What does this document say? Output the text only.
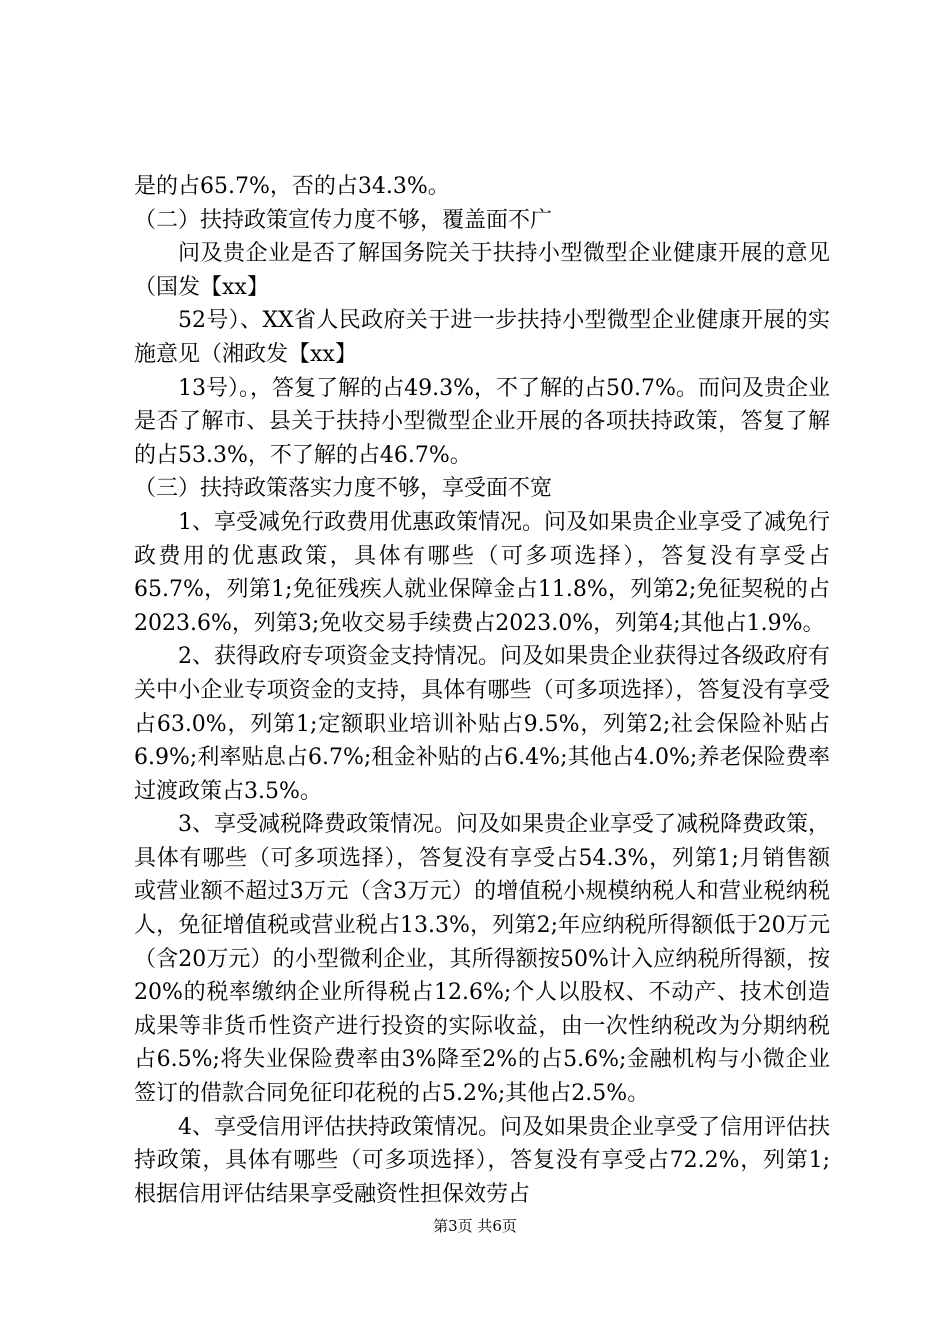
是的占65.7%，否的占34.3%。

（二）扶持政策宣传力度不够，覆盖面不广

问及贵企业是否了解国务院关于扶持小型微型企业健康开展的意见（国发【xx】

52号）、XX省人民政府关于进一步扶持小型微型企业健康开展的实施意见（湘政发【xx】

13号）。，答复了解的占49.3%，不了解的占50.7%。而问及贵企业是否了解市、县关于扶持小型微型企业开展的各项扶持政策，答复了解的占53.3%，不了解的占46.7%。

（三）扶持政策落实力度不够，享受面不宽

1、享受减免行政费用优惠政策情况。问及如果贵企业享受了减免行政费用的优惠政策，具体有哪些（可多项选择），答复没有享受占65.7%，列第1;免征残疾人就业保障金占11.8%，列第2;免征契税的占2023.6%，列第3;免收交易手续费占2023.0%，列第4;其他占1.9%。

2、获得政府专项资金支持情况。问及如果贵企业获得过各级政府有关中小企业专项资金的支持，具体有哪些（可多项选择），答复没有享受占63.0%，列第1;定额职业培训补贴占9.5%，列第2;社会保险补贴占6.9%;利率贴息占6.7%;租金补贴的占6.4%;其他占4.0%;养老保险费率过渡政策占3.5%。

3、享受减税降费政策情况。问及如果贵企业享受了减税降费政策，具体有哪些（可多项选择），答复没有享受占54.3%，列第1;月销售额或营业额不超过3万元（含3万元）的增值税小规模纳税人和营业税纳税人，免征增值税或营业税占13.3%，列第2;年应纳税所得额低于20万元（含20万元）的小型微利企业，其所得额按50%计入应纳税所得额，按20%的税率缴纳企业所得税占12.6%;个人以股权、不动产、技术创造成果等非货币性资产进行投资的实际收益，由一次性纳税改为分期纳税占6.5%;将失业保险费率由3%降至2%的占5.6%;金融机构与小微企业签订的借款合同免征印花税的占5.2%;其他占2.5%。

4、享受信用评估扶持政策情况。问及如果贵企业享受了信用评估扶持政策，具体有哪些（可多项选择），答复没有享受占72.2%，列第1;根据信用评估结果享受融资性担保效劳占

第3页 共6页
